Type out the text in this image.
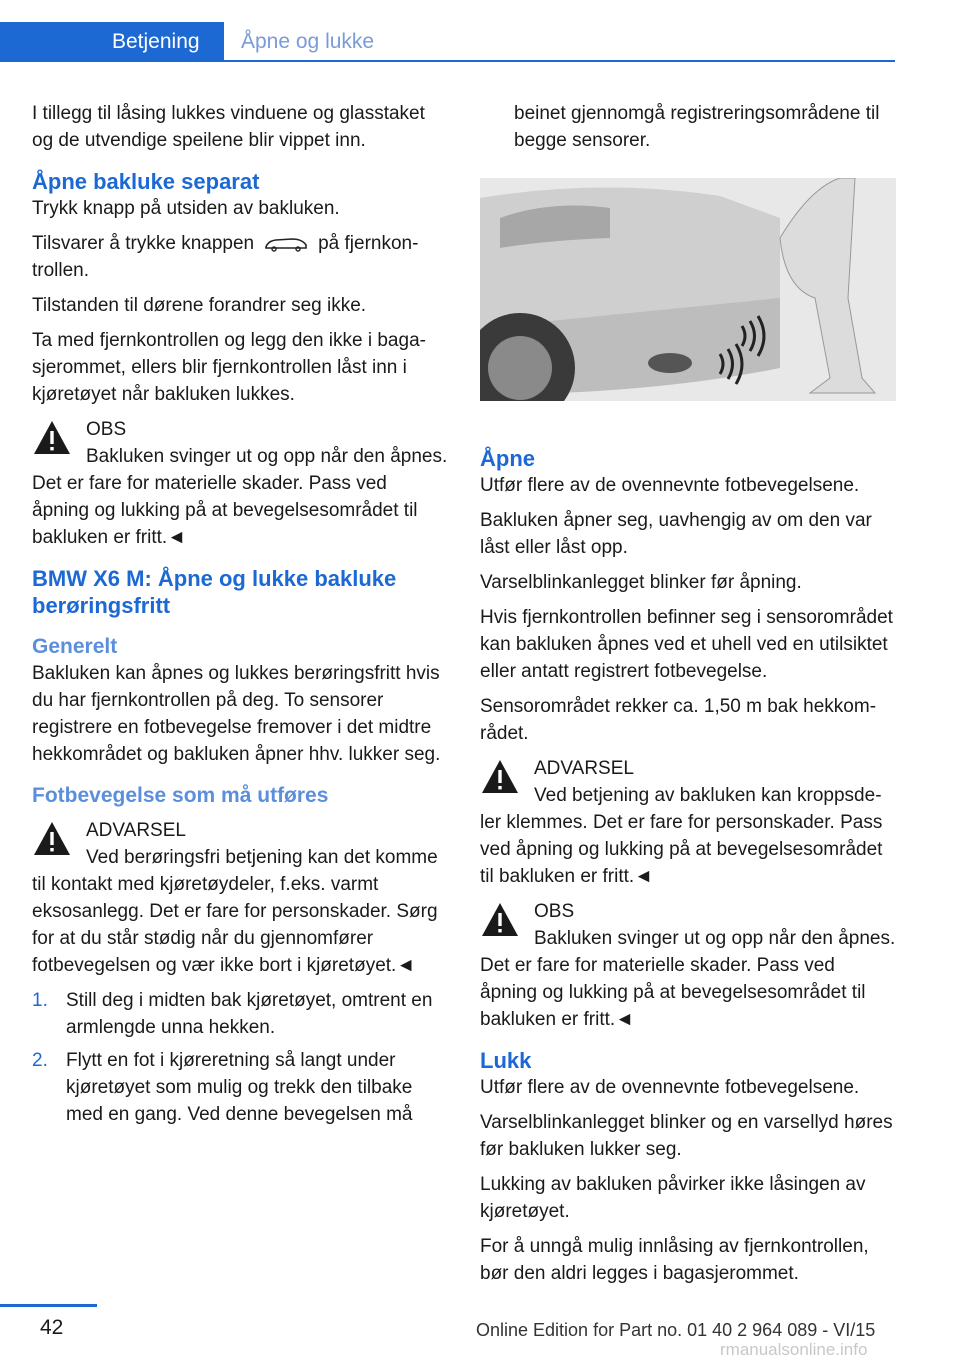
Betjening	Åpne og lukke

I tillegg til låsing lukkes vinduene og glasstaket og de utvendige speilene blir vippet inn.

Åpne bakluke separat

Trykk knapp på utsiden av bakluken.

Tilsvarer å trykke knappen	på fjernkontrollen.

Tilstanden til dørene forandrer seg ikke.

Ta med fjernkontrollen og legg den ikke i bagasjerommet, ellers blir fjernkontrollen låst inn i kjøretøyet når bakluken lukkes.

OBS
Bakluken svinger ut og opp når den åpnes. Det er fare for materielle skader. Pass ved åpning og lukking på at bevegelsesområdet til bakluken er fritt.◄
BMW X6 M: Åpne og lukke bakluke berøringsfritt
Generelt

Bakluken kan åpnes og lukkes berøringsfritt hvis du har fjernkontrollen på deg. To sensorer registrere en fotbevegelse fremover i det midtre hekkområdet og bakluken åpner hhv. lukker seg.

Fotbevegelse som må utføres
ADVARSEL
Ved berøringsfri betjening kan det komme til kontakt med kjøretøydeler, f.eks. varmt eksosanlegg. Det er fare for personskader. Sørg for at du står stødig når du gjennomfører fotbevegelsen og vær ikke bort i kjøretøyet.◄
1. Still deg i midten bak kjøretøyet, omtrent en armlengde unna hekken.
2. Flytt en fot i kjøreretning så langt under kjøretøyet som mulig og trekk den tilbake med en gang. Ved denne bevegelsen må

beinet gjennomgå registreringsområdene til begge sensorer.

Åpne

Utfør flere av de ovennevnte fotbevegelsene.

Bakluken åpner seg, uavhengig av om den var låst eller låst opp.

Varselblinkanlegget blinker før åpning.

Hvis fjernkontrollen befinner seg i sensorområdet kan bakluken åpnes ved et uhell ved en utilsiktet eller antatt registrert fotbevegelse.

Sensorområdet rekker ca. 1,50 m bak hekkområdet.

ADVARSEL
Ved betjening av bakluken kan kroppsdeler klemmes. Det er fare for personskader. Pass ved åpning og lukking på at bevegelsesområdet til bakluken er fritt.◄
OBS
Bakluken svinger ut og opp når den åpnes. Det er fare for materielle skader. Pass ved åpning og lukking på at bevegelsesområdet til bakluken er fritt.◄
Lukk

Utfør flere av de ovennevnte fotbevegelsene.

Varselblinkanlegget blinker og en varsellyd høres før bakluken lukker seg.

Lukking av bakluken påvirker ikke låsingen av kjøretøyet.

For å unngå mulig innlåsing av fjernkontrollen, bør den aldri legges i bagasjerommet.

42	Online Edition for Part no. 01 40 2 964 089 - VI/15
rmanualsonline.info
